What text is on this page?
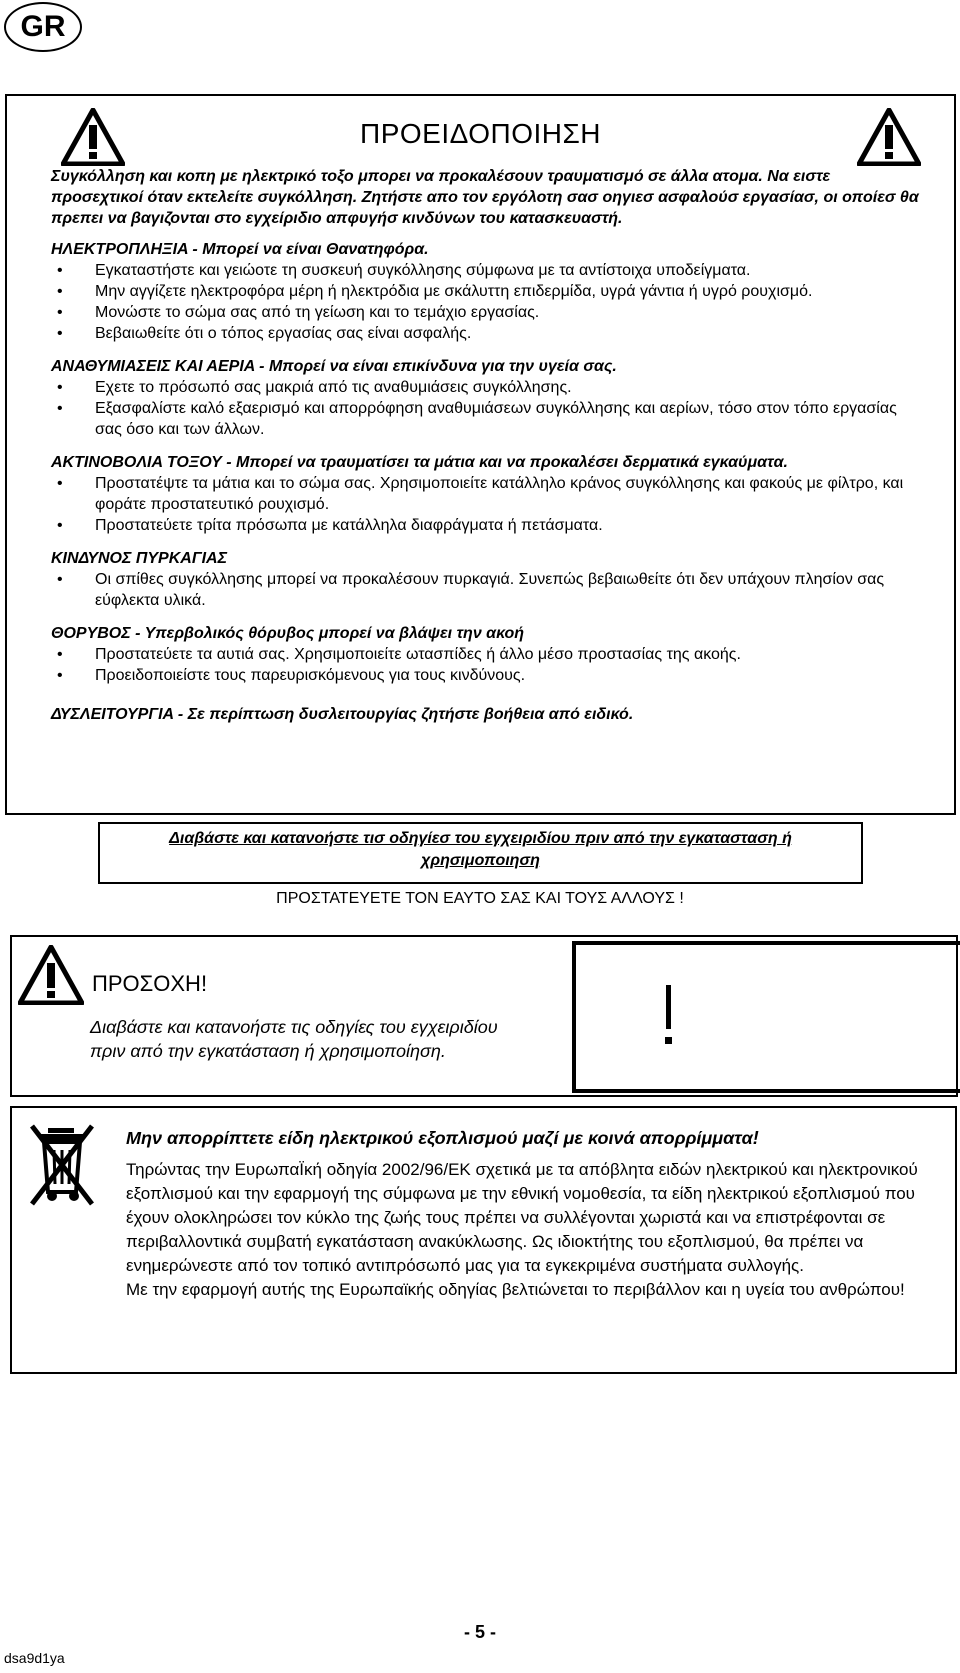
GR
ΠΡΟΕΙΔΟΠΟΙΗΣΗ
Συγκόλληση και κοπη με ηλεκτρικό τοξο μπορει να προκαλέσουν τραυματισμό σε άλλα ατομα. Να ειστε προσεχτικοί όταν εκτελείτε συγκόλληση. Ζητήστε απο τον εργόλοτη σασ οηγιεσ ασφαλούσ εργασίασ, οι οποίεσ θα πρεπει να βαγιζονται στο εγχείριδιο απφυγήσ κινδύνων του κατασκευαστή.
ΗΛΕΚΤΡΟΠΛΗΞΙΑ - Μπορεί να είναι Θανατηφόρα.
•	Εγκαταστήστε και γειώοτε τη συσκευή συγκόλλησης σύμφωνα με τα αντίστοιχα υποδείγματα.
•	Μην αγγίζετε ηλεκτροφόρα μέρη ή ηλεκτρόδια με σκάλυττη επιδερμίδα, υγρά γάντια ή υγρό ρουχισμό.
•	Μονώστε το σώμα σας από τη γείωση και το τεμάχιο εργασίας.
•	Βεβαιωθείτε ότι ο τόπος εργασίας σας είναι ασφαλής.
ΑΝΑΘΥΜΙΑΣΕΙΣ ΚΑΙ ΑΕΡΙΑ - Μπορεί να είναι επικίνδυνα για την υγεία σας.
•	Εχετε το πρόσωπό σας μακριά από τις αναθυμιάσεις συγκόλλησης.
•	Εξασφαλίστε καλό εξαερισμό και απορρόφηση αναθυμιάσεων συγκόλλησης και αερίων, τόσο στον τόπο εργασίας σας όσο και των άλλων.
ΑΚΤΙΝΟΒΟΛΙΑ ΤΟΞΟΥ - Μπορεί να τραυματίσει τα μάτια και να προκαλέσει δερματικά εγκαύματα.
•	Προστατέψτε τα μάτια και το σώμα σας. Χρησιμοποιείτε κατάλληλο κράνος συγκόλλησης και φακούς με φίλτρο, και φοράτε προστατευτικό ρουχισμό.
•	Προστατεύετε τρίτα πρόσωπα με κατάλληλα διαφράγματα ή πετάσματα.
ΚΙΝΔΥΝΟΣ ΠΥΡΚΑΓΙΑΣ
•	Οι σπίθες συγκόλλησης μπορεί να προκαλέσουν πυρκαγιά. Συνεπώς βεβαιωθείτε ότι δεν υπάχουν πλησίον σας εύφλεκτα υλικά.
ΘΟΡΥΒΟΣ - Υπερβολικός θόρυβος μπορεί να βλάψει την ακοή
•	Προστατεύετε τα αυτιά σας. Χρησιμοποιείτε ωτασπίδες ή άλλο μέσο προστασίας της ακοής.
•	Προειδοποιείστε τους παρευρισκόμενους για τους κινδύνους.
ΔΥΣΛΕΙΤΟΥΡΓΙΑ - Σε περίπτωση δυσλειτουργίας ζητήστε βοήθεια από ειδικό.
Διαβάστε και κατανοήστε τισ οδηγίεσ του εγχειριδίου πριν από την εγκατασταση ή
χρησιμοποιηση
ΠΡΟΣΤΑΤΕΥΕΤΕ ΤΟΝ ΕΑΥΤΟ ΣΑΣ ΚΑΙ ΤΟΥΣ ΑΛΛΟΥΣ !
ΠΡΟΣΟΧΗ!
Διαβάστε και κατανοήστε τις οδηγίες του εγχειριδίου
πριν από την εγκατάσταση ή χρησιμοποίηση.
Μην απορρίπτετε είδη ηλεκτρικού εξοπλισμού μαζί με κοινά απορρίμματα!

Τηρώντας την ΕυρωπαΪκή οδηγία 2002/96/ΕΚ σχετικά με τα απόβλητα ειδών ηλεκτρικού και ηλεκτρονικού εξοπλισμού και την εφαρμογή της σύμφωνα με την εθνική νομοθεσία, τα είδη ηλεκτρικού εξοπλισμού που έχουν ολοκληρώσει τον κύκλο της ζωής τους πρέπει να συλλέγονται χωριστά και να επιστρέφονται σε περιβαλλοντικά συμβατή εγκατάσταση ανακύκλωσης. Ως ιδιοκτήτης του εξοπλισμού, θα πρέπει να ενημερώνεστε από τον τοπικό αντιπρόσωπό μας για τα εγκεκριμένα συστήματα συλλογής.

Με την εφαρμογή αυτής της Ευρωπαϊκής οδηγίας βελτιώνεται το περιβάλλον και η υγεία του ανθρώπου!

- 5 -
dsa9d1ya
